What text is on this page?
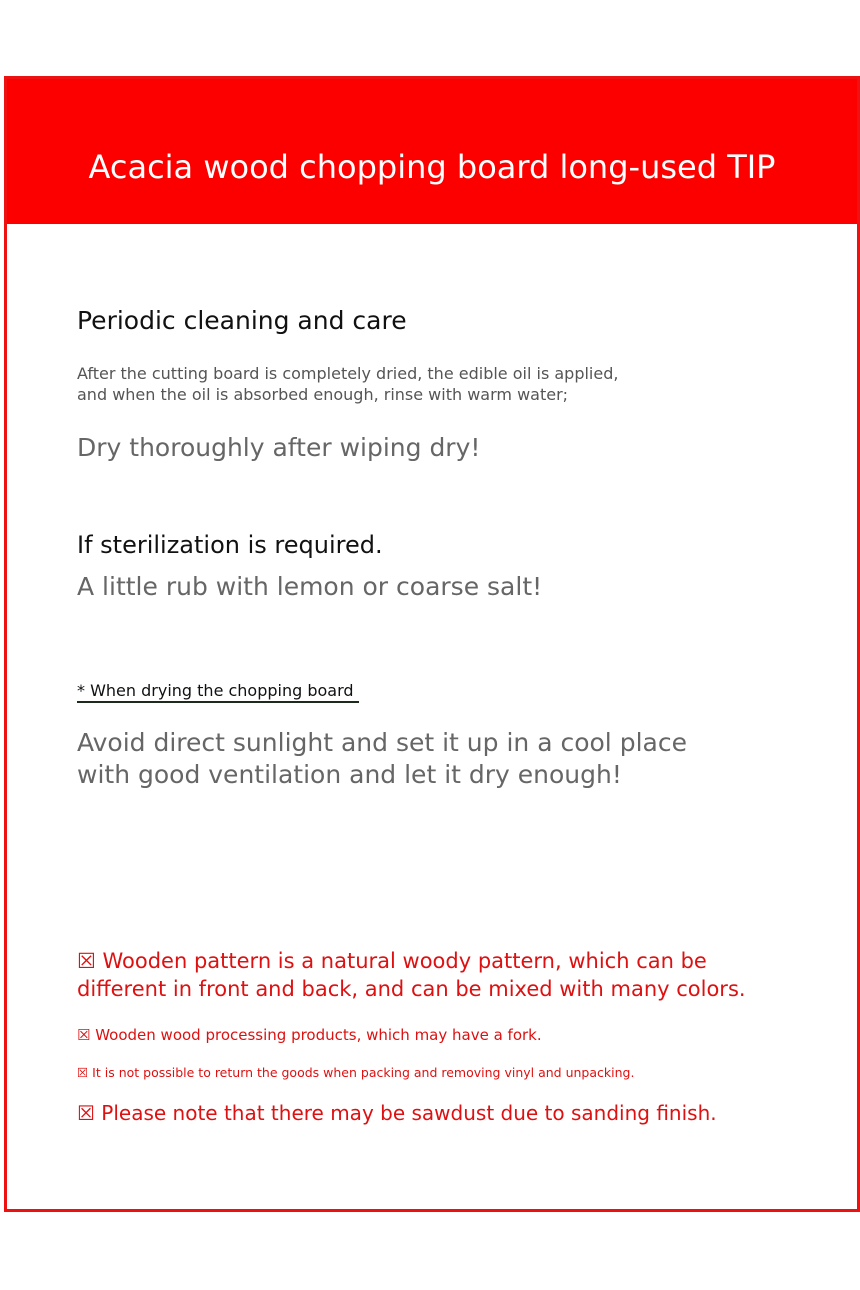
Acacia wood chopping board long-used TIP
Periodic cleaning and care
After the cutting board is completely dried, the edible oil is applied,
and when the oil is absorbed enough, rinse with warm water;
Dry thoroughly after wiping dry!
If sterilization is required.
A little rub with lemon or coarse salt!
* When drying the chopping board
Avoid direct sunlight and set it up in a cool place
with good ventilation and let it dry enough!
☒ Wooden pattern is a natural woody pattern, which can be
different in front and back, and can be mixed with many colors.
☒ Wooden wood processing products, which may have a fork.
☒ It is not possible to return the goods when packing and removing vinyl and unpacking.
☒ Please note that there may be sawdust due to sanding finish.
